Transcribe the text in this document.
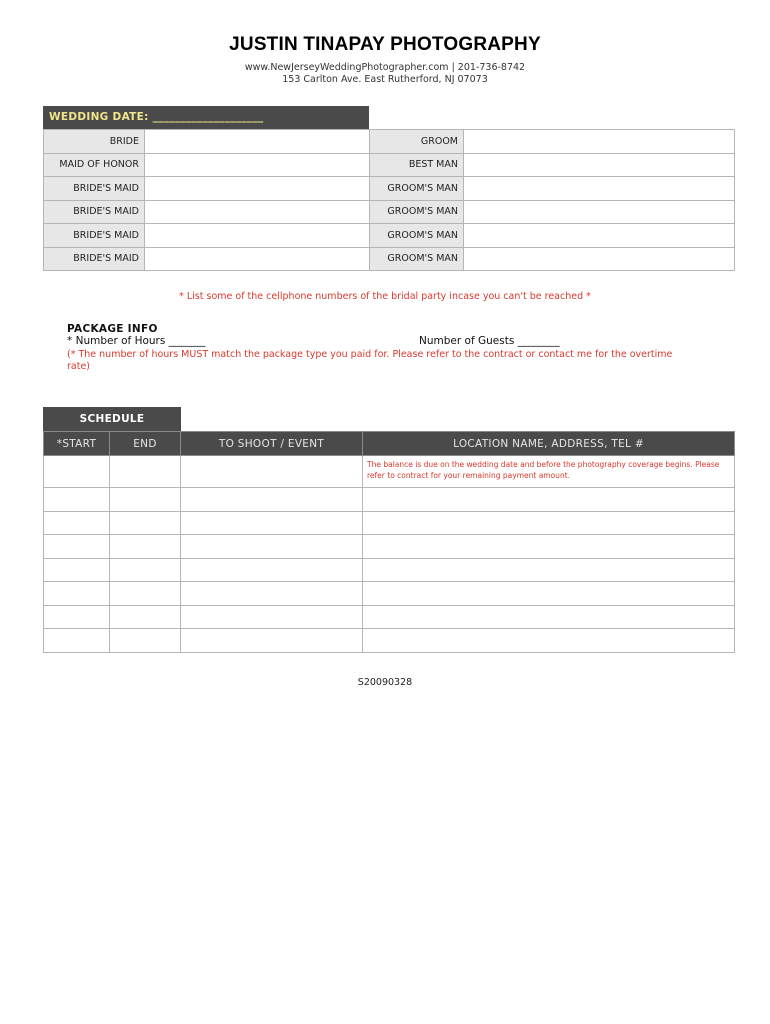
JUSTIN TINAPAY PHOTOGRAPHY
www.NewJerseyWeddingPhotographer.com | 201-736-8742
153 Carlton Ave. East Rutherford, NJ 07073
WEDDING DATE: ____________________
BRIDE		GROOM	
MAID OF HONOR		BEST MAN	
BRIDE'S MAID		GROOM'S MAN	
BRIDE'S MAID		GROOM'S MAN	
BRIDE'S MAID		GROOM'S MAN	
BRIDE'S MAID		GROOM'S MAN	
* List some of the cellphone numbers of the bridal party incase you can't be reached *
PACKAGE INFO
* Number of Hours _______	Number of Guests ________
(* The number of hours MUST match the package type you paid for. Please refer to the contract or contact me for the overtime rate)
SCHEDULE
*START	END	TO SHOOT / EVENT	LOCATION NAME, ADDRESS, TEL #
			The balance is due on the wedding date and before the photography coverage begins. Please refer to contract for your remaining payment amount.

S20090328
